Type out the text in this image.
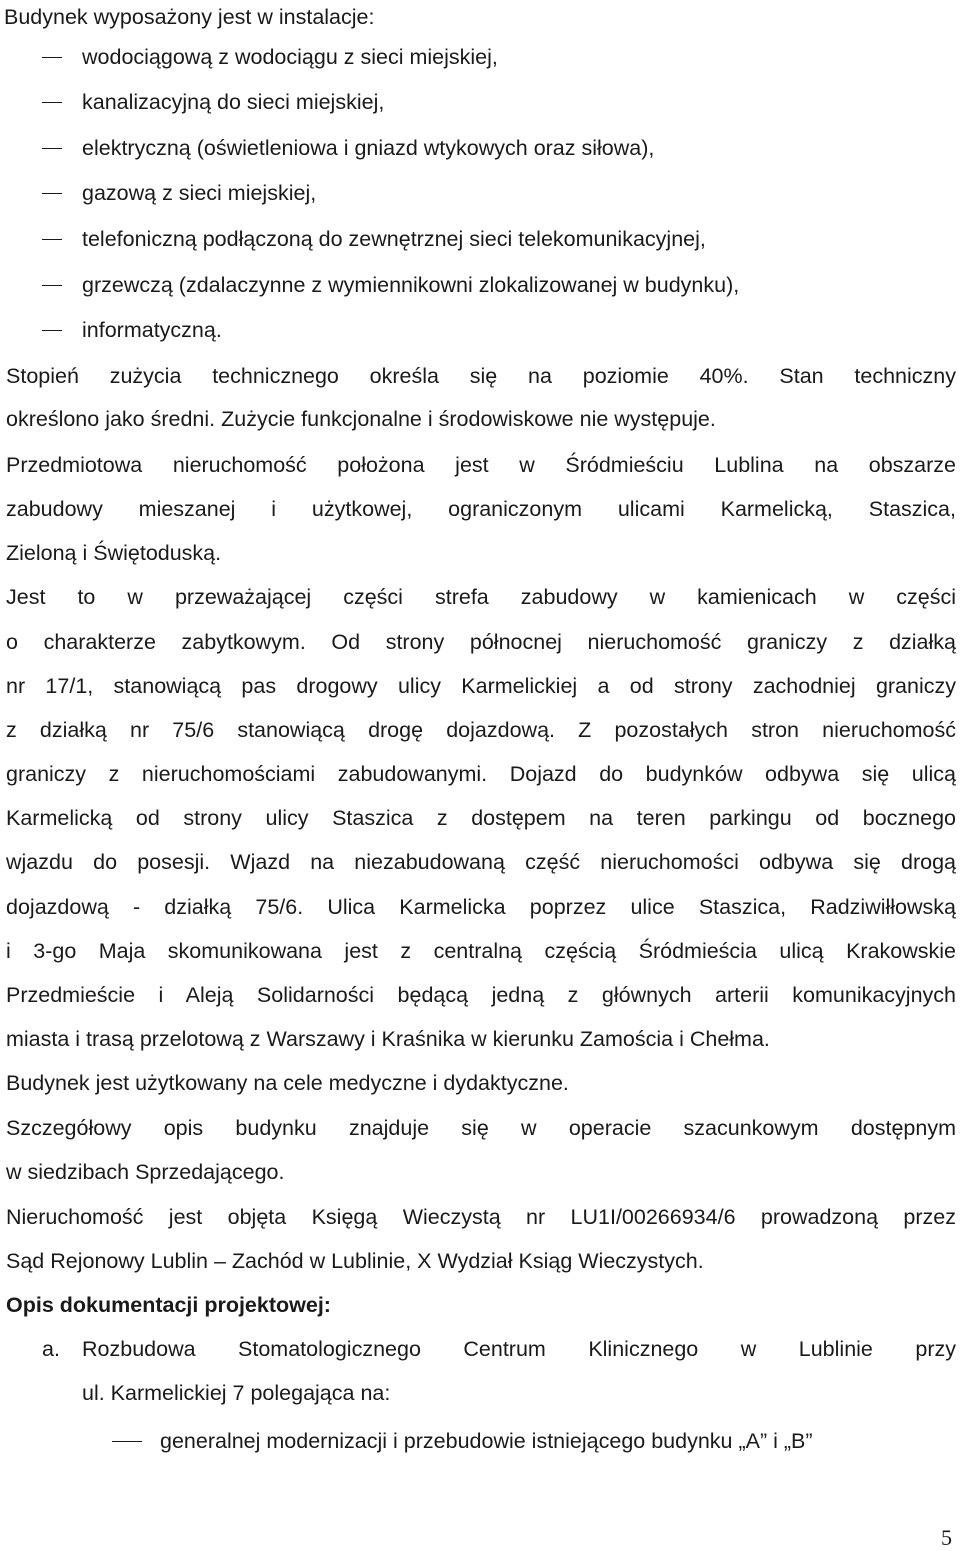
Budynek wyposażony jest w instalacje:
wodociągową z wodociągu z sieci miejskiej,
kanalizacyjną do sieci miejskiej,
elektryczną (oświetleniowa i gniazd wtykowych oraz siłowa),
gazową z sieci miejskiej,
telefoniczną podłączoną do zewnętrznej sieci telekomunikacyjnej,
grzewczą (zdalaczynne z wymiennikowni zlokalizowanej w budynku),
informatyczną.
Stopień zużycia technicznego określa się na poziomie 40%. Stan techniczny
określono jako średni. Zużycie funkcjonalne i środowiskowe nie występuje.
Przedmiotowa nieruchomość położona jest w Śródmieściu Lublina na obszarze
zabudowy mieszanej i użytkowej, ograniczonym ulicami Karmelicką, Staszica,
Zieloną i Świętoduską.
Jest to w przeważającej części strefa zabudowy w kamienicach w części
o charakterze zabytkowym. Od strony północnej nieruchomość graniczy z działką
nr 17/1, stanowiącą pas drogowy ulicy Karmelickiej a od strony zachodniej graniczy
z działką nr 75/6 stanowiącą drogę dojazdową. Z pozostałych stron nieruchomość
graniczy z nieruchomościami zabudowanymi. Dojazd do budynków odbywa się ulicą
Karmelicką od strony ulicy Staszica z dostępem na teren parkingu od bocznego
wjazdu do posesji. Wjazd na niezabudowaną część nieruchomości odbywa się drogą
dojazdową - działką 75/6. Ulica Karmelicka poprzez ulice Staszica, Radziwiłłowską
i 3-go Maja skomunikowana jest z centralną częścią Śródmieścia ulicą Krakowskie
Przedmieście i Aleją Solidarności będącą jedną z głównych arterii komunikacyjnych
miasta i trasą przelotową z Warszawy i Kraśnika w kierunku Zamościa i Chełma.
Budynek jest użytkowany na cele medyczne i dydaktyczne.
Szczegółowy opis budynku znajduje się w operacie szacunkowym dostępnym
w siedzibach Sprzedającego.
Nieruchomość jest objęta Księgą Wieczystą nr LU1I/00266934/6 prowadzoną przez
Sąd Rejonowy Lublin – Zachód w Lublinie, X Wydział Ksiąg Wieczystych.
Opis dokumentacji projektowej:
a. Rozbudowa Stomatologicznego Centrum Klinicznego w Lublinie przy
ul. Karmelickiej 7 polegająca na:
generalnej modernizacji i przebudowie istniejącego budynku „A” i „B”
5
